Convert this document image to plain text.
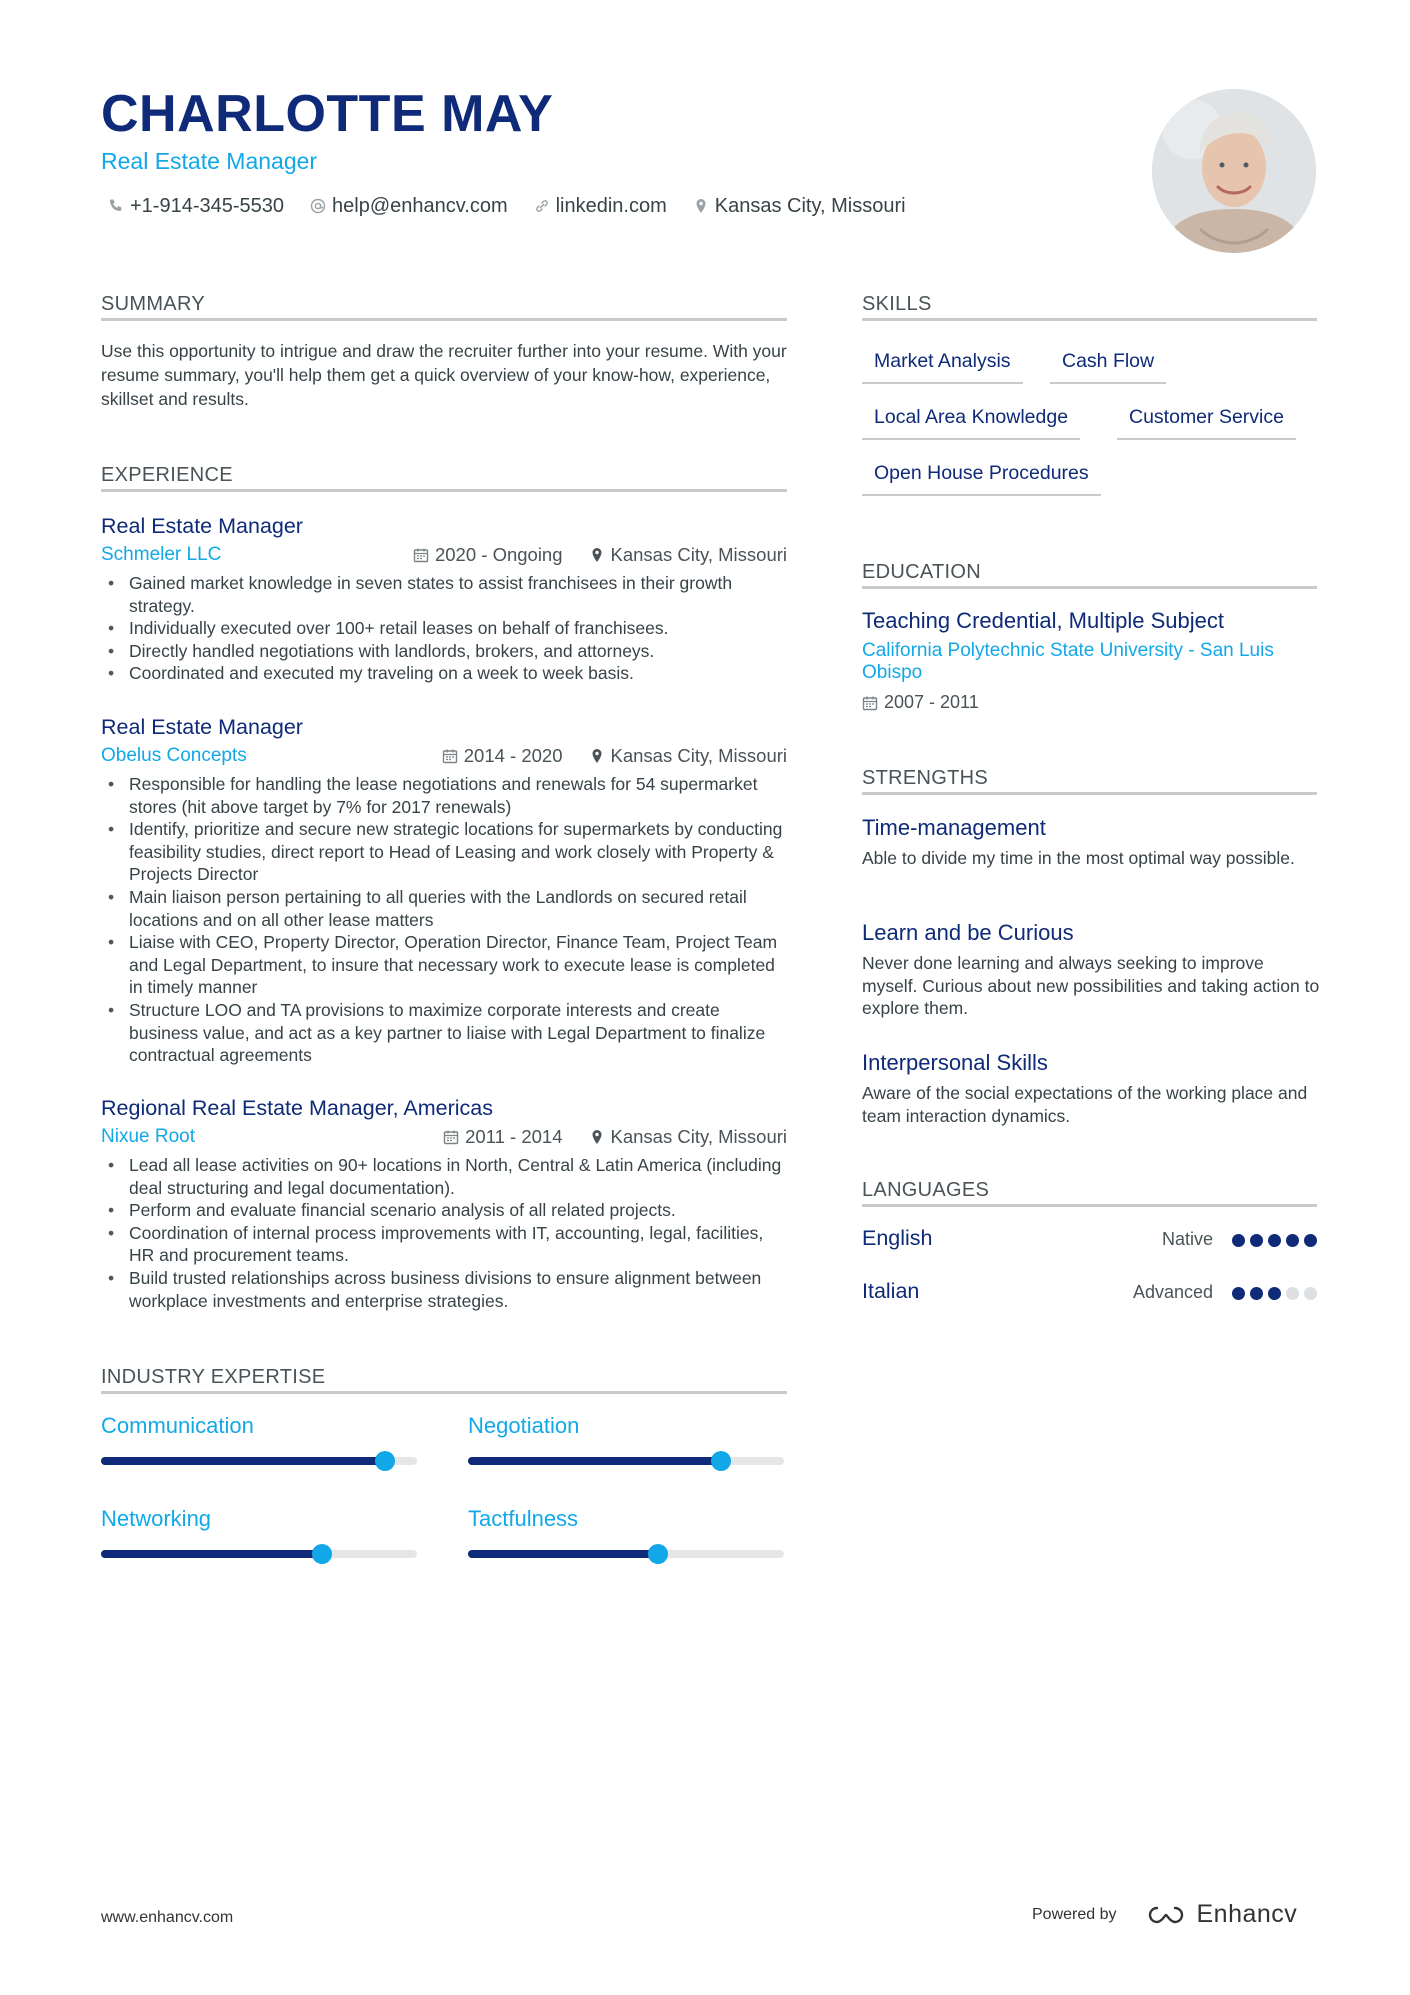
CHARLOTTE MAY
Real Estate Manager
+1-914-345-5530 help@enhancv.com linkedin.com Kansas City, Missouri
SUMMARY
Use this opportunity to intrigue and draw the recruiter further into your resume. With your resume summary, you'll help them get a quick overview of your know-how, experience, skillset and results.
EXPERIENCE
Real Estate Manager
Schmeler LLC	2020 - Ongoing	Kansas City, Missouri
• Gained market knowledge in seven states to assist franchisees in their growth strategy.
• Individually executed over 100+ retail leases on behalf of franchisees.
• Directly handled negotiations with landlords, brokers, and attorneys.
• Coordinated and executed my traveling on a week to week basis.
Real Estate Manager
Obelus Concepts	2014 - 2020	Kansas City, Missouri
• Responsible for handling the lease negotiations and renewals for 54 supermarket stores (hit above target by 7% for 2017 renewals)
• Identify, prioritize and secure new strategic locations for supermarkets by conducting feasibility studies, direct report to Head of Leasing and work closely with Property & Projects Director
• Main liaison person pertaining to all queries with the Landlords on secured retail locations and on all other lease matters
• Liaise with CEO, Property Director, Operation Director, Finance Team, Project Team and Legal Department, to insure that necessary work to execute lease is completed in timely manner
• Structure LOO and TA provisions to maximize corporate interests and create business value, and act as a key partner to liaise with Legal Department to finalize contractual agreements
Regional Real Estate Manager, Americas
Nixue Root	2011 - 2014	Kansas City, Missouri
• Lead all lease activities on 90+ locations in North, Central & Latin America (including deal structuring and legal documentation).
• Perform and evaluate financial scenario analysis of all related projects.
• Coordination of internal process improvements with IT, accounting, legal, facilities, HR and procurement teams.
• Build trusted relationships across business divisions to ensure alignment between workplace investments and enterprise strategies.
INDUSTRY EXPERTISE
Communication	Negotiation
Networking	Tactfulness
SKILLS
Market Analysis	Cash Flow
Local Area Knowledge	Customer Service
Open House Procedures
EDUCATION
Teaching Credential, Multiple Subject
California Polytechnic State University - San Luis Obispo
2007 - 2011
STRENGTHS
Time-management
Able to divide my time in the most optimal way possible.
Learn and be Curious
Never done learning and always seeking to improve myself. Curious about new possibilities and taking action to explore them.
Interpersonal Skills
Aware of the social expectations of the working place and team interaction dynamics.
LANGUAGES
English	Native
Italian	Advanced
www.enhancv.com	Powered by	Enhancv
